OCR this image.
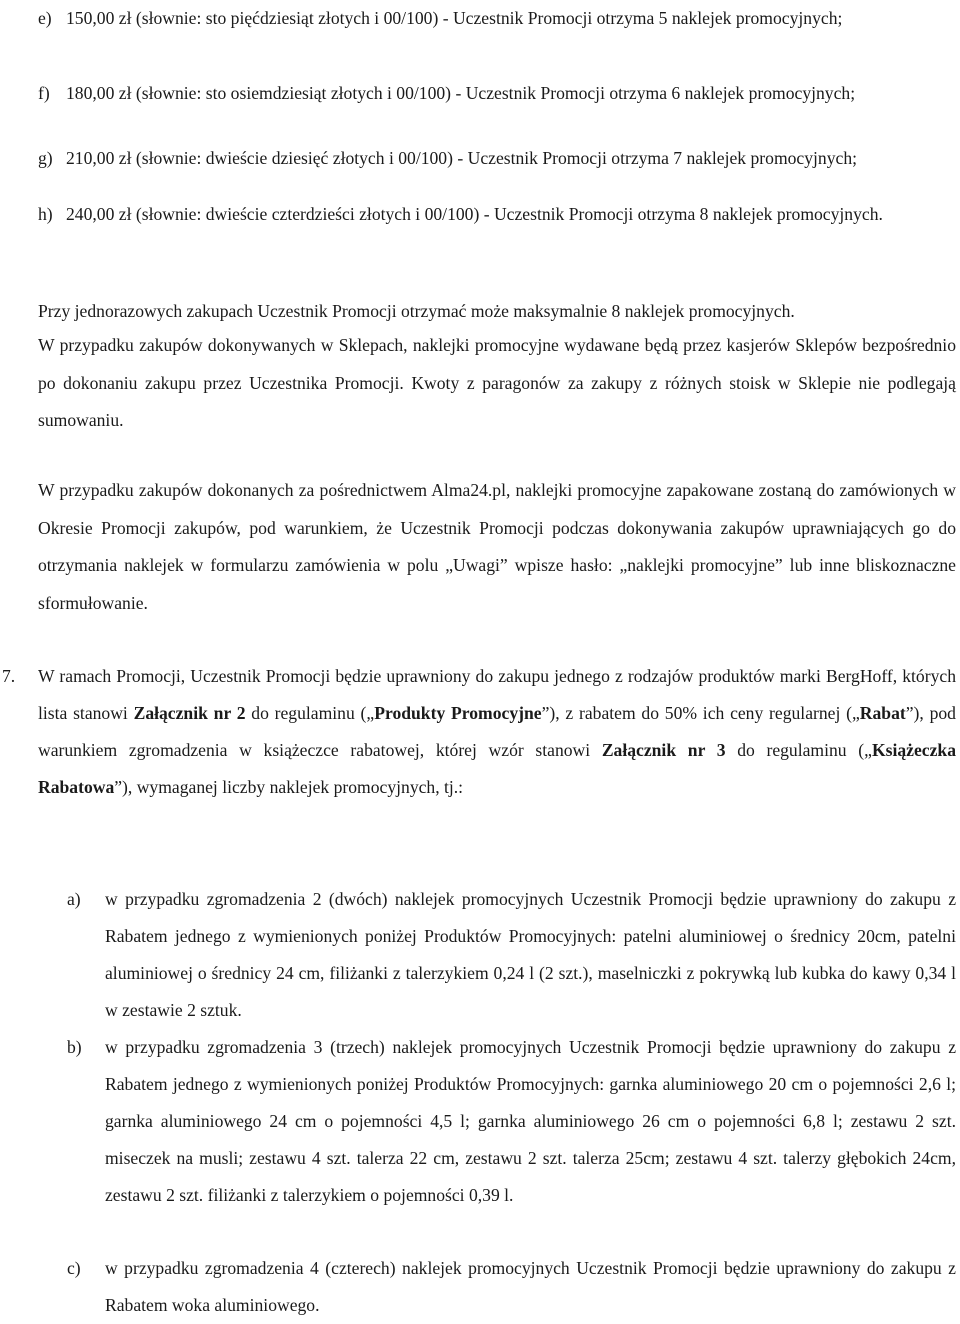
e) 150,00 zł (słownie: sto pięćdziesiąt złotych i 00/100) - Uczestnik Promocji otrzyma 5 naklejek promocyjnych;
f) 180,00 zł (słownie: sto osiemdziesiąt złotych i 00/100) - Uczestnik Promocji otrzyma 6 naklejek promocyjnych;
g) 210,00 zł (słownie: dwieście dziesięć złotych i 00/100) - Uczestnik Promocji otrzyma 7 naklejek promocyjnych;
h) 240,00 zł (słownie: dwieście czterdzieści złotych i 00/100) - Uczestnik Promocji otrzyma 8 naklejek promocyjnych.
Przy jednorazowych zakupach Uczestnik Promocji otrzymać może maksymalnie 8 naklejek promocyjnych.
W przypadku zakupów dokonywanych w Sklepach, naklejki promocyjne wydawane będą przez kasjerów Sklepów bezpośrednio po dokonaniu zakupu przez Uczestnika Promocji. Kwoty z paragonów za zakupy z różnych stoisk w Sklepie nie podlegają sumowaniu.
W przypadku zakupów dokonanych za pośrednictwem Alma24.pl, naklejki promocyjne zapakowane zostaną do zamówionych w Okresie Promocji zakupów, pod warunkiem, że Uczestnik Promocji podczas dokonywania zakupów uprawniających go do otrzymania naklejek w formularzu zamówienia w polu „Uwagi” wpisze hasło: „naklejki promocyjne” lub inne bliskoznaczne sformułowanie.
7.	W ramach Promocji, Uczestnik Promocji będzie uprawniony do zakupu jednego z rodzajów produktów marki BergHoff, których lista stanowi Załącznik nr 2 do regulaminu („Produkty Promocyjne”), z rabatem do 50% ich ceny regularnej („Rabat”), pod warunkiem zgromadzenia w książeczce rabatowej, której wzór stanowi Załącznik nr 3 do regulaminu („Książeczka Rabatowa”), wymaganej liczby naklejek promocyjnych, tj.:
a)	w przypadku zgromadzenia 2 (dwóch) naklejek promocyjnych Uczestnik Promocji będzie uprawniony do zakupu z Rabatem jednego z wymienionych poniżej Produktów Promocyjnych: patelni aluminiowej o średnicy 20cm, patelni aluminiowej o średnicy 24 cm, filiżanki z talerzykiem 0,24 l (2 szt.), maselniczki z pokrywką lub kubka do kawy 0,34 l w zestawie 2 sztuk.
b)	w przypadku zgromadzenia 3 (trzech) naklejek promocyjnych Uczestnik Promocji będzie uprawniony do zakupu z Rabatem jednego z wymienionych poniżej Produktów Promocyjnych: garnka aluminiowego 20 cm o pojemności 2,6 l; garnka aluminiowego 24 cm o pojemności 4,5 l; garnka aluminiowego 26 cm o pojemności 6,8 l; zestawu 2 szt. miseczek na musli; zestawu 4 szt. talerza 22 cm, zestawu 2 szt. talerza 25cm; zestawu 4 szt. talerzy głębokich 24cm, zestawu 2 szt. filiżanki z talerzykiem o pojemności 0,39 l.
c)	w przypadku zgromadzenia 4 (czterech) naklejek promocyjnych Uczestnik Promocji będzie uprawniony do zakupu z Rabatem woka aluminiowego.
